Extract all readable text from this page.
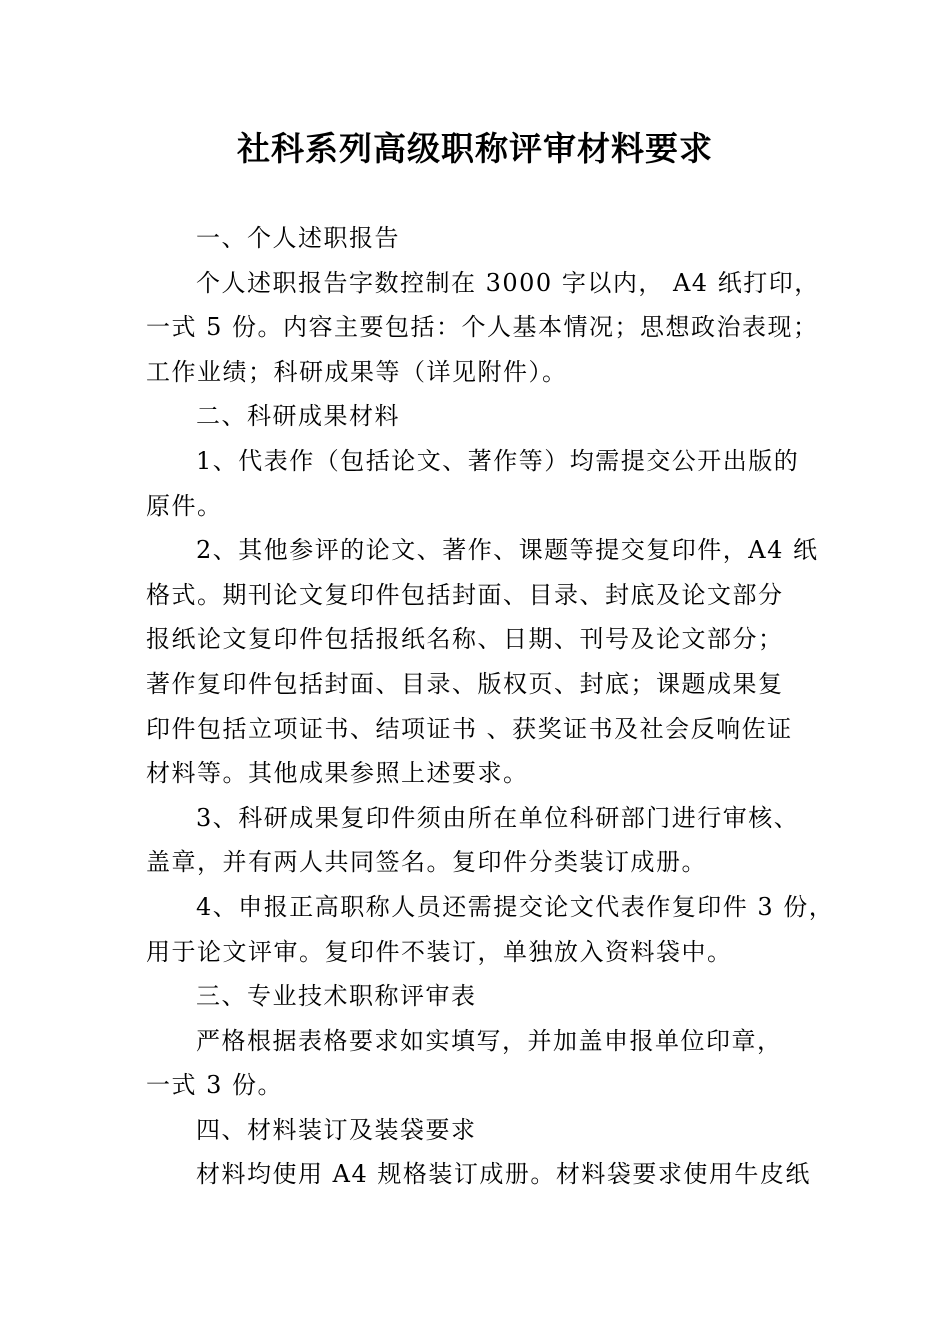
社科系列高级职称评审材料要求
一、个人述职报告
个人述职报告字数控制在 3000 字以内， A4 纸打印，
一式 5 份。内容主要包括：个人基本情况；思想政治表现；
工作业绩；科研成果等（详见附件）。
二、科研成果材料
1、代表作（包括论文、著作等）均需提交公开出版的
原件。
2、其他参评的论文、著作、课题等提交复印件，A4 纸
格式。期刊论文复印件包括封面、目录、封底及论文部分
报纸论文复印件包括报纸名称、日期、刊号及论文部分；
著作复印件包括封面、目录、版权页、封底；课题成果复
印件包括立项证书、结项证书 、获奖证书及社会反响佐证
材料等。其他成果参照上述要求。
3、科研成果复印件须由所在单位科研部门进行审核、
盖章，并有两人共同签名。复印件分类装订成册。
4、申报正高职称人员还需提交论文代表作复印件 3 份，
用于论文评审。复印件不装订，单独放入资料袋中。
三、专业技术职称评审表
严格根据表格要求如实填写，并加盖申报单位印章，
一式 3 份。
四、材料装订及装袋要求
材料均使用 A4 规格装订成册。材料袋要求使用牛皮纸
